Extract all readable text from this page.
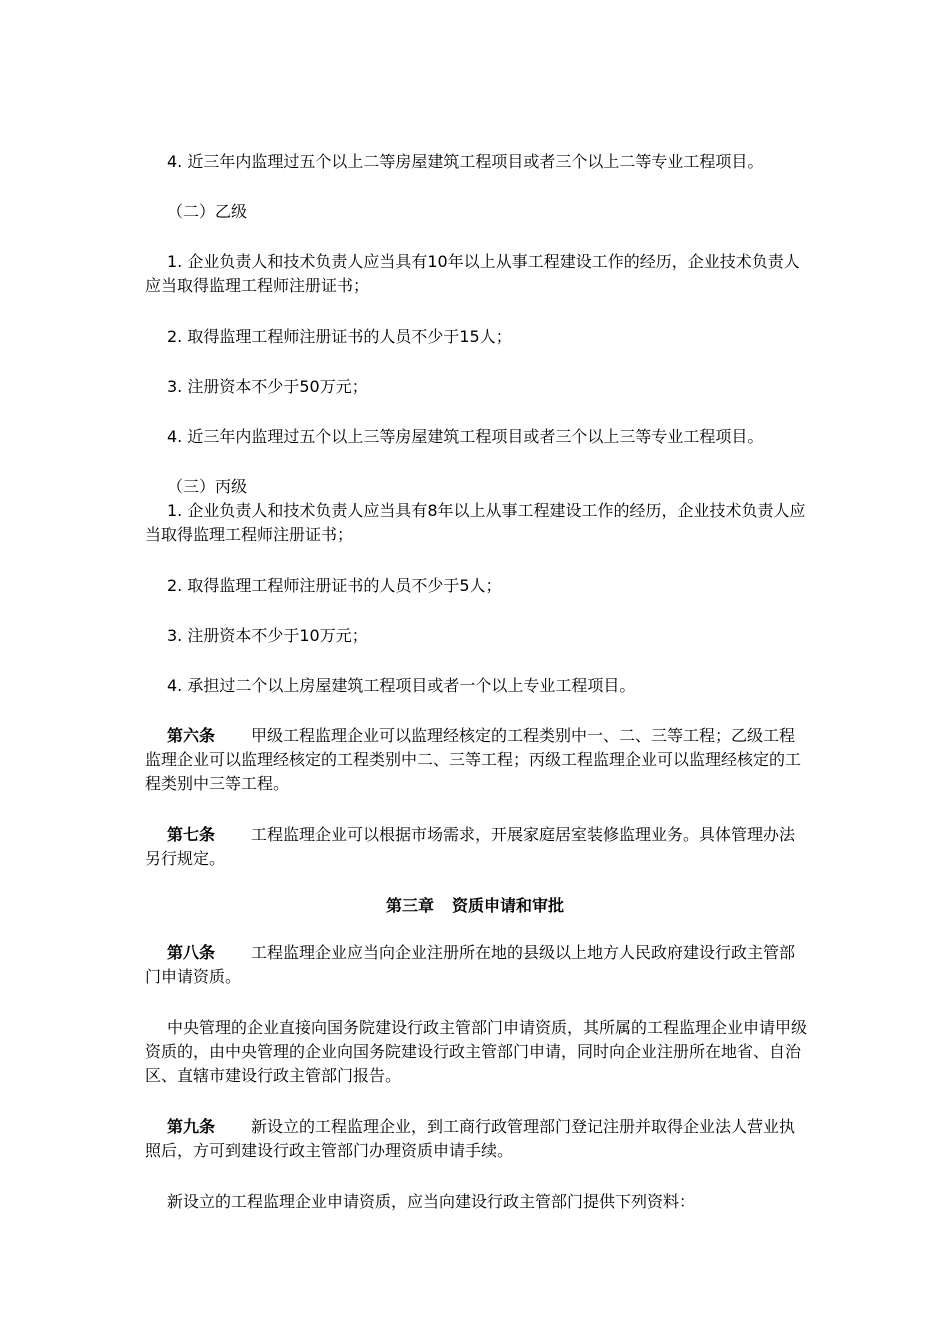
4. 近三年内监理过五个以上二等房屋建筑工程项目或者三个以上二等专业工程项目。
（二）乙级
1. 企业负责人和技术负责人应当具有10年以上从事工程建设工作的经历，企业技术负责人应当取得监理工程师注册证书；
2. 取得监理工程师注册证书的人员不少于15人；
3. 注册资本不少于50万元；
4. 近三年内监理过五个以上三等房屋建筑工程项目或者三个以上三等专业工程项目。
（三）丙级
1. 企业负责人和技术负责人应当具有8年以上从事工程建设工作的经历，企业技术负责人应当取得监理工程师注册证书；
2. 取得监理工程师注册证书的人员不少于5人；
3. 注册资本不少于10万元；
4. 承担过二个以上房屋建筑工程项目或者一个以上专业工程项目。
第六条 甲级工程监理企业可以监理经核定的工程类别中一、二、三等工程；乙级工程监理企业可以监理经核定的工程类别中二、三等工程；丙级工程监理企业可以监理经核定的工程类别中三等工程。
第七条 工程监理企业可以根据市场需求，开展家庭居室装修监理业务。具体管理办法另行规定。
第三章 资质申请和审批
第八条 工程监理企业应当向企业注册所在地的县级以上地方人民政府建设行政主管部门申请资质。
中央管理的企业直接向国务院建设行政主管部门申请资质，其所属的工程监理企业申请甲级资质的，由中央管理的企业向国务院建设行政主管部门申请，同时向企业注册所在地省、自治区、直辖市建设行政主管部门报告。
第九条 新设立的工程监理企业，到工商行政管理部门登记注册并取得企业法人营业执照后，方可到建设行政主管部门办理资质申请手续。
新设立的工程监理企业申请资质，应当向建设行政主管部门提供下列资料：
